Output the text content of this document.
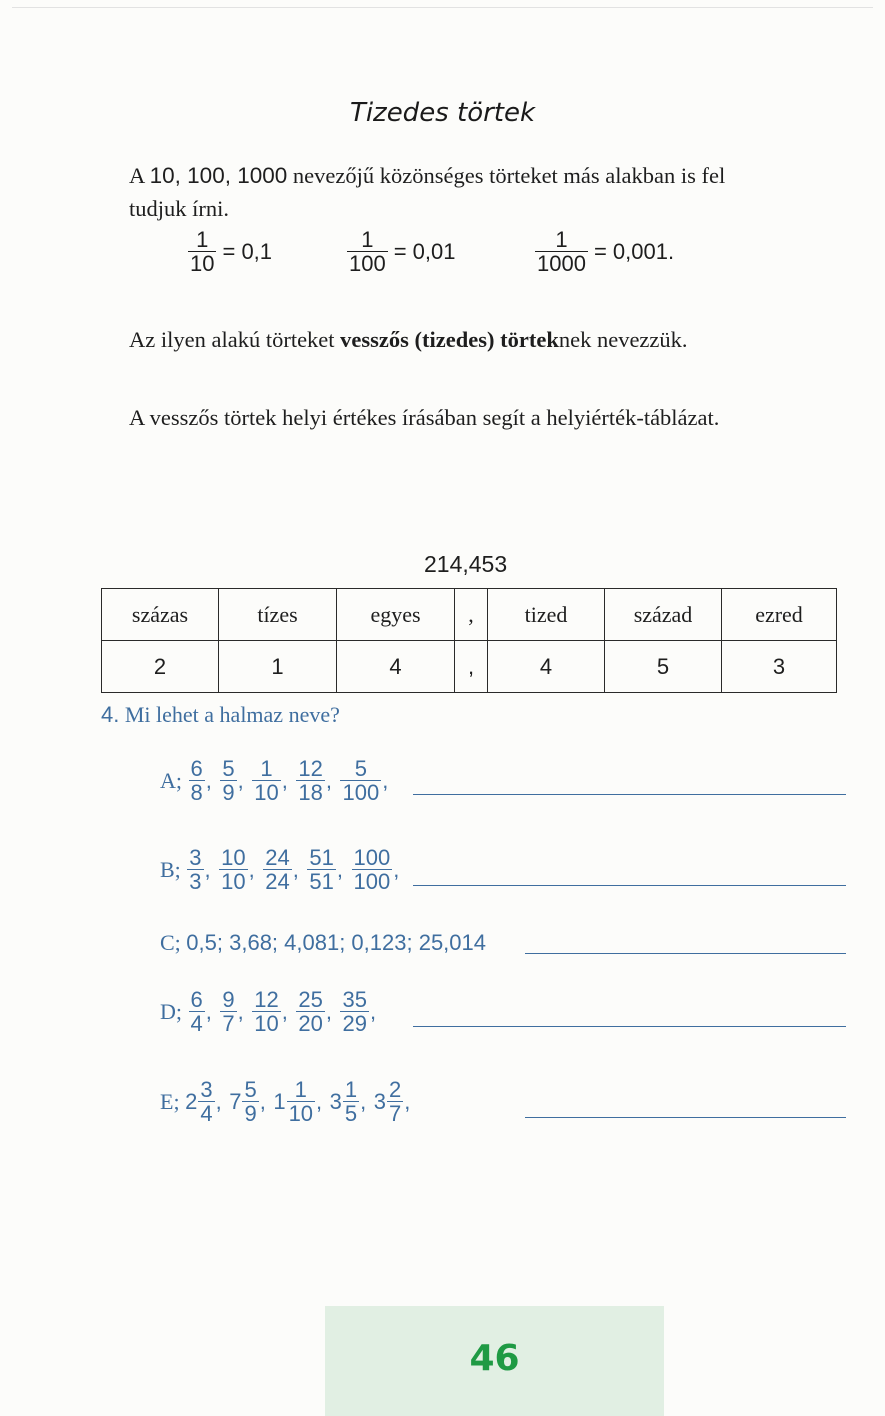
Tizedes törtek
A 10, 100, 1000 nevezőjű közönséges törteket más alakban is fel
tudjuk írni.
$\frac{1}{10} = 0,1$	$\frac{1}{100} = 0,01$	$\frac{1}{1000} = 0,001$.
Az ilyen alakú törteket vesszős (tizedes) törteknek nevezzük.
A vesszős törtek helyi értékes írásában segít a helyiérték-táblázat.
214,453
százas	tízes	egyes	,	tized	század	ezred
2	1	4	,	4	5	3
4. Mi lehet a halmaz neve?
A; $\frac{6}{8}$ , $\frac{5}{9}$ , $\frac{1}{10}$ , $\frac{12}{18}$ , $\frac{5}{100}$ ,
B; $\frac{3}{3}$ , $\frac{10}{10}$ , $\frac{24}{24}$ , $\frac{51}{51}$ , $\frac{100}{100}$ ,
C; 0,5; 3,68; 4,081; 0,123; 25,014
D; $\frac{6}{4}$ , $\frac{9}{7}$ , $\frac{12}{10}$ , $\frac{25}{20}$ , $\frac{35}{29}$ ,
E; $2 \frac{3}{4}$ , $7 \frac{5}{9}$ , $1 \frac{1}{10}$ , $3 \frac{1}{5}$ , $3 \frac{2}{7}$ ,
46
